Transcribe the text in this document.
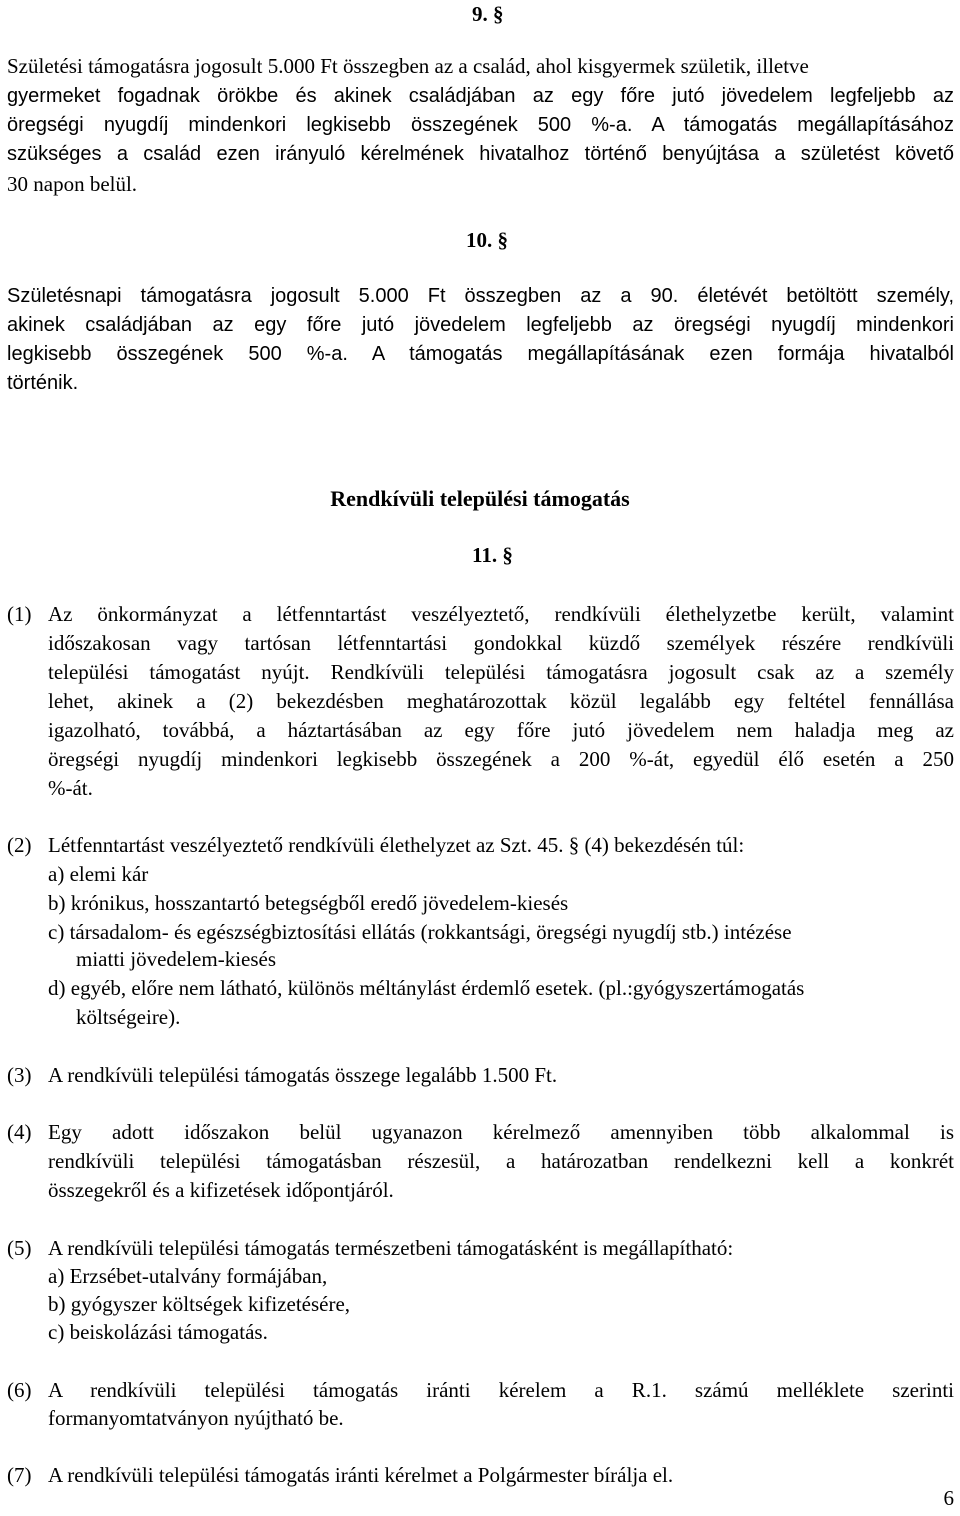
9. §
Születési támogatásra jogosult 5.000 Ft összegben az a család, ahol kisgyermek születik, illetve
gyermeket fogadnak örökbe és akinek családjában az egy főre jutó jövedelem legfeljebb az
öregségi nyugdíj mindenkori legkisebb összegének 500 %-a. A támogatás megállapításához
szükséges a család ezen irányuló kérelmének hivatalhoz történő benyújtása a születést követő
30 napon belül.
10. §
Születésnapi támogatásra jogosult 5.000 Ft összegben az a 90. életévét betöltött személy,
akinek családjában az egy főre jutó jövedelem legfeljebb az öregségi nyugdíj mindenkori
legkisebb összegének 500 %-a. A támogatás megállapításának ezen formája hivatalból
történik.
Rendkívüli települési támogatás
11. §
(1) Az önkormányzat a létfenntartást veszélyeztető, rendkívüli élethelyzetbe került, valamint
időszakosan vagy tartósan létfenntartási gondokkal küzdő személyek részére rendkívüli
települési támogatást nyújt. Rendkívüli települési támogatásra jogosult csak az a személy
lehet, akinek a (2) bekezdésben meghatározottak közül legalább egy feltétel fennállása
igazolható, továbbá, a háztartásában az egy főre jutó jövedelem nem haladja meg az
öregségi nyugdíj mindenkori legkisebb összegének a 200 %-át, egyedül élő esetén a 250
%-át.
(2) Létfenntartást veszélyeztető rendkívüli élethelyzet az Szt. 45. § (4) bekezdésén túl:
a) elemi kár
b) krónikus, hosszantartó betegségből eredő jövedelem-kiesés
c) társadalom- és egészségbiztosítási ellátás (rokkantsági, öregségi nyugdíj stb.) intézése
miatti jövedelem-kiesés
d) egyéb, előre nem látható, különös méltánylást érdemlő esetek. (pl.:gyógyszertámogatás
költségeire).
(3) A rendkívüli települési támogatás összege legalább 1.500 Ft.
(4) Egy adott időszakon belül ugyanazon kérelmező amennyiben több alkalommal is
rendkívüli települési támogatásban részesül, a határozatban rendelkezni kell a konkrét
összegekről és a kifizetések időpontjáról.
(5) A rendkívüli települési támogatás természetbeni támogatásként is megállapítható:
a) Erzsébet-utalvány formájában,
b) gyógyszer költségek kifizetésére,
c) beiskolázási támogatás.
(6) A rendkívüli települési támogatás iránti kérelem a R.1. számú melléklete szerinti
formanyomtatványon nyújtható be.
(7) A rendkívüli települési támogatás iránti kérelmet a Polgármester bírálja el.
6
